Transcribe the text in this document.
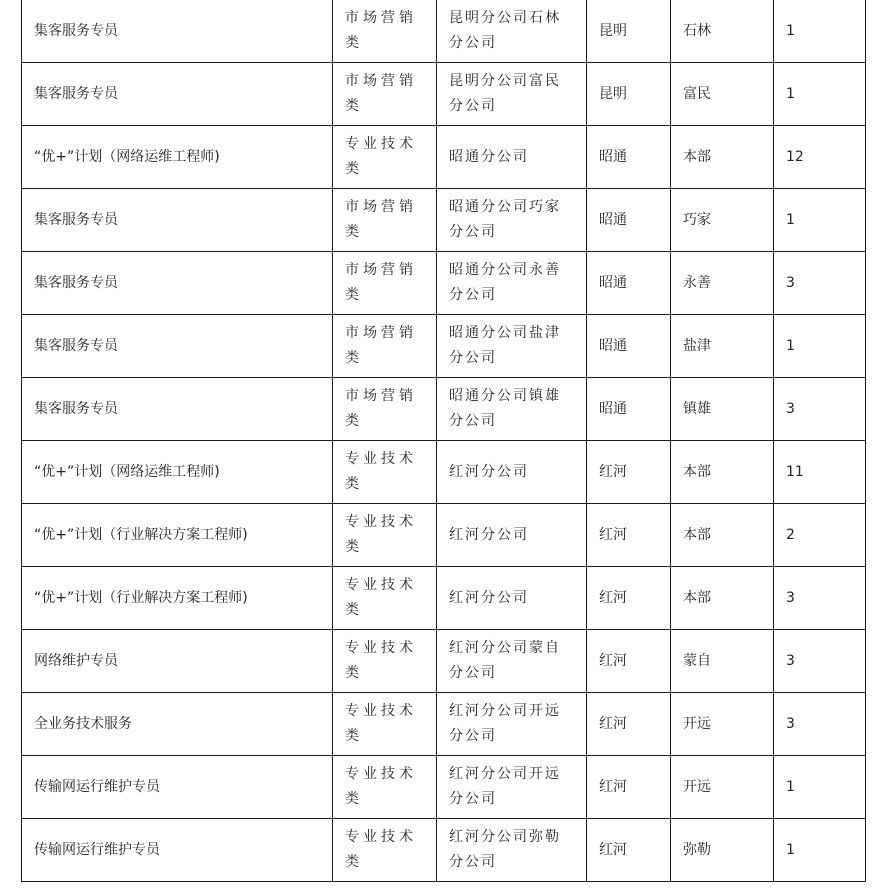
集客服务专员	市场营销类	昆明分公司石林分公司	昆明	石林	1

集客服务专员	市场营销类	昆明分公司富民分公司	昆明	富民	1

“优+”计划（网络运维工程师)	专业技术类	昭通分公司	昭通	本部	12

集客服务专员	市场营销类	昭通分公司巧家分公司	昭通	巧家	1

集客服务专员	市场营销类	昭通分公司永善分公司	昭通	永善	3

集客服务专员	市场营销类	昭通分公司盐津分公司	昭通	盐津	1

集客服务专员	市场营销类	昭通分公司镇雄分公司	昭通	镇雄	3

“优+”计划（网络运维工程师)	专业技术类	红河分公司	红河	本部	11

“优+”计划（行业解决方案工程师)	专业技术类	红河分公司	红河	本部	2

“优+”计划（行业解决方案工程师)	专业技术类	红河分公司	红河	本部	3

网络维护专员	专业技术类	红河分公司蒙自分公司	红河	蒙自	3

全业务技术服务	专业技术类	红河分公司开远分公司	红河	开远	3

传输网运行维护专员	专业技术类	红河分公司开远分公司	红河	开远	1

传输网运行维护专员	专业技术类	红河分公司弥勒分公司	红河	弥勒	1
